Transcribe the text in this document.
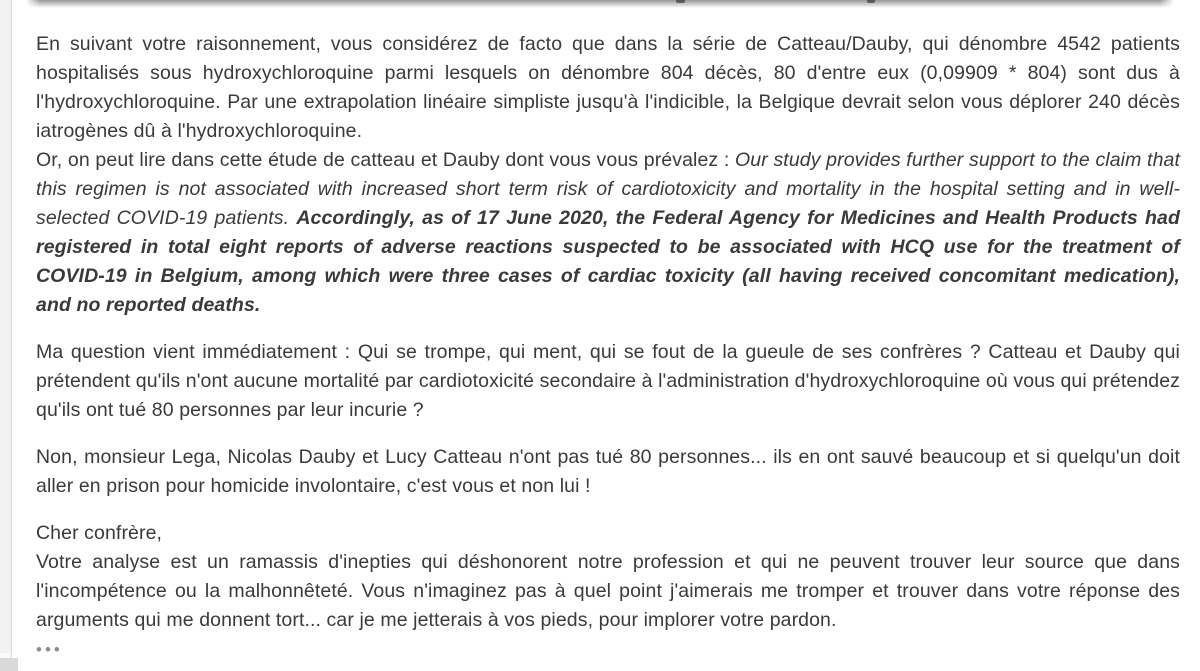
En suivant votre raisonnement, vous considérez de facto que dans la série de Catteau/Dauby, qui dénombre 4542 patients hospitalisés sous hydroxychloroquine parmi lesquels on dénombre 804 décès, 80 d'entre eux (0,09909 * 804) sont dus à l'hydroxychloroquine. Par une extrapolation linéaire simpliste jusqu'à l'indicible, la Belgique devrait selon vous déplorer 240 décès iatrogènes dû à l'hydroxychloroquine.
Or, on peut lire dans cette étude de catteau et Dauby dont vous vous prévalez : Our study provides further support to the claim that this regimen is not associated with increased short term risk of cardiotoxicity and mortality in the hospital setting and in well-selected COVID-19 patients. Accordingly, as of 17 June 2020, the Federal Agency for Medicines and Health Products had registered in total eight reports of adverse reactions suspected to be associated with HCQ use for the treatment of COVID-19 in Belgium, among which were three cases of cardiac toxicity (all having received concomitant medication), and no reported deaths.

Ma question vient immédiatement : Qui se trompe, qui ment, qui se fout de la gueule de ses confrères ? Catteau et Dauby qui prétendent qu'ils n'ont aucune mortalité par cardiotoxicité secondaire à l'administration d'hydroxychloroquine où vous qui prétendez qu'ils ont tué 80 personnes par leur incurie ?

Non, monsieur Lega, Nicolas Dauby et Lucy Catteau n'ont pas tué 80 personnes... ils en ont sauvé beaucoup et si quelqu'un doit aller en prison pour homicide involontaire, c'est vous et non lui !

Cher confrère,
Votre analyse est un ramassis d'inepties qui déshonorent notre profession et qui ne peuvent trouver leur source que dans l'incompétence ou la malhonnêteté. Vous n'imaginez pas à quel point j'aimerais me tromper et trouver dans votre réponse des arguments qui me donnent tort... car je me jetterais à vos pieds, pour implorer votre pardon.

•••
